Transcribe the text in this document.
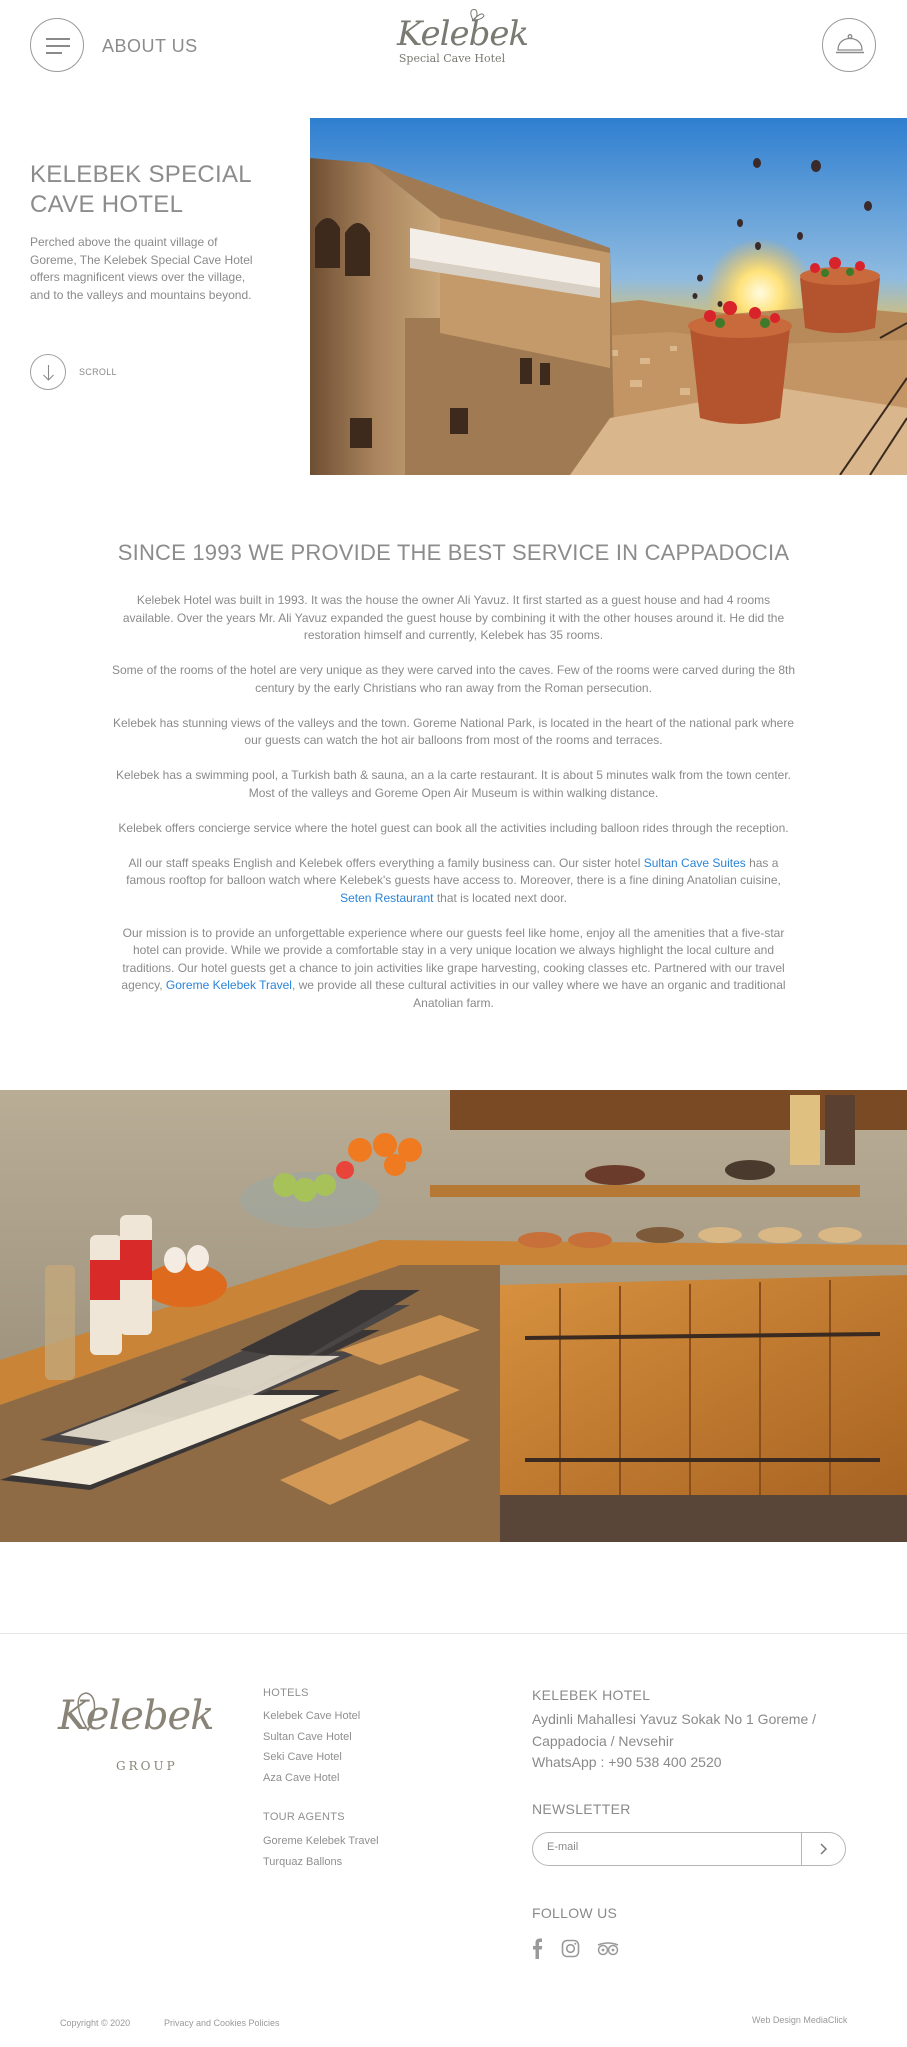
ABOUT US	Kelebek
Special Cave Hotel
KELEBEK SPECIAL CAVE HOTEL

Perched above the quaint village of Goreme, The Kelebek Special Cave Hotel offers magnificent views over the village, and to the valleys and mountains beyond.

SCROLL
SINCE 1993 WE PROVIDE THE BEST SERVICE IN CAPPADOCIA

Kelebek Hotel was built in 1993. It was the house the owner Ali Yavuz. It first started as a guest house and had 4 rooms available. Over the years Mr. Ali Yavuz expanded the guest house by combining it with the other houses around it. He did the restoration himself and currently, Kelebek has 35 rooms.

Some of the rooms of the hotel are very unique as they were carved into the caves. Few of the rooms were carved during the 8th century by the early Christians who ran away from the Roman persecution.

Kelebek has stunning views of the valleys and the town. Goreme National Park, is located in the heart of the national park where our guests can watch the hot air balloons from most of the rooms and terraces.

Kelebek has a swimming pool, a Turkish bath & sauna, an a la carte restaurant. It is about 5 minutes walk from the town center. Most of the valleys and Goreme Open Air Museum is within walking distance.

Kelebek offers concierge service where the hotel guest can book all the activities including balloon rides through the reception.

All our staff speaks English and Kelebek offers everything a family business can. Our sister hotel Sultan Cave Suites has a famous rooftop for balloon watch where Kelebek's guests have access to. Moreover, there is a fine dining Anatolian cuisine, Seten Restaurant that is located next door.

Our mission is to provide an unforgettable experience where our guests feel like home, enjoy all the amenities that a five-star hotel can provide. While we provide a comfortable stay in a very unique location we always highlight the local culture and traditions. Our hotel guests get a chance to join activities like grape harvesting, cooking classes etc. Partnered with our travel agency, Goreme Kelebek Travel, we provide all these cultural activities in our valley where we have an organic and traditional Anatolian farm.

Kelebek
GROUP
HOTELS
Kelebek Cave Hotel
Sultan Cave Hotel
Seki Cave Hotel
Aza Cave Hotel
TOUR AGENTS
Goreme Kelebek Travel
Turquaz Ballons
KELEBEK HOTEL
Aydinli Mahallesi Yavuz Sokak No 1 Goreme / Cappadocia / Nevsehir
WhatsApp : +90 538 400 2520
NEWSLETTER
E-mail
FOLLOW US
Copyright © 2020	Privacy and Cookies Policies	Web Design MediaClick
